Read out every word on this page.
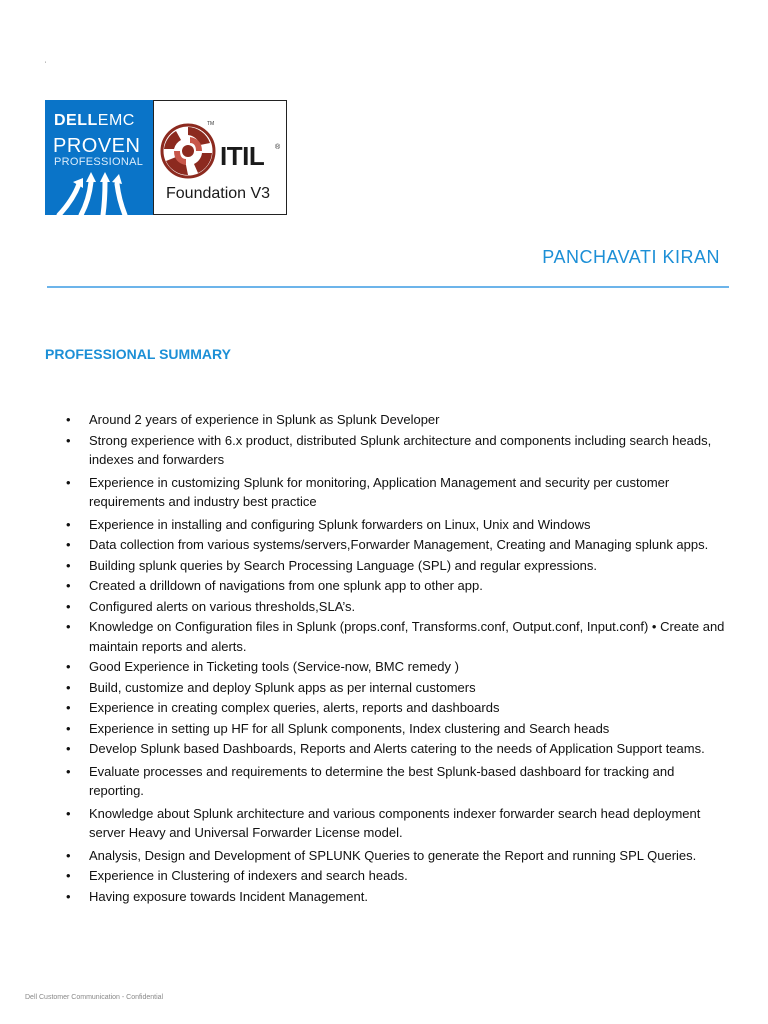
'
DELLEMC
PROVEN
PROFESSIONAL
TM
ITIL ®
Foundation V3
PANCHAVATI KIRAN
PROFESSIONAL SUMMARY
• Around 2 years of experience in Splunk as Splunk Developer
• Strong experience with 6.x product, distributed Splunk architecture and components including search heads, indexes and forwarders
• Experience in customizing Splunk for monitoring, Application Management and security per customer requirements and industry best practice
• Experience in installing and configuring Splunk forwarders on Linux, Unix and Windows
• Data collection from various systems/servers,Forwarder Management, Creating and Managing splunk apps.
• Building splunk queries by Search Processing Language (SPL) and regular expressions.
• Created a drilldown of navigations from one splunk app to other app.
• Configured alerts on various thresholds,SLA’s.
• Knowledge on Configuration files in Splunk (props.conf, Transforms.conf, Output.conf, Input.conf) • Create and maintain reports and alerts.
• Good Experience in Ticketing tools (Service-now, BMC remedy )
• Build, customize and deploy Splunk apps as per internal customers
• Experience in creating complex queries, alerts, reports and dashboards
• Experience in setting up HF for all Splunk components, Index clustering and Search heads
• Develop Splunk based Dashboards, Reports and Alerts catering to the needs of Application Support teams.
• Evaluate processes and requirements to determine the best Splunk-based dashboard for tracking and reporting.
• Knowledge about Splunk architecture and various components indexer forwarder search head deployment server Heavy and Universal Forwarder License model.
• Analysis, Design and Development of SPLUNK Queries to generate the Report and running SPL Queries.
• Experience in Clustering of indexers and search heads.
• Having exposure towards Incident Management.
Dell Customer Communication - Confidential
